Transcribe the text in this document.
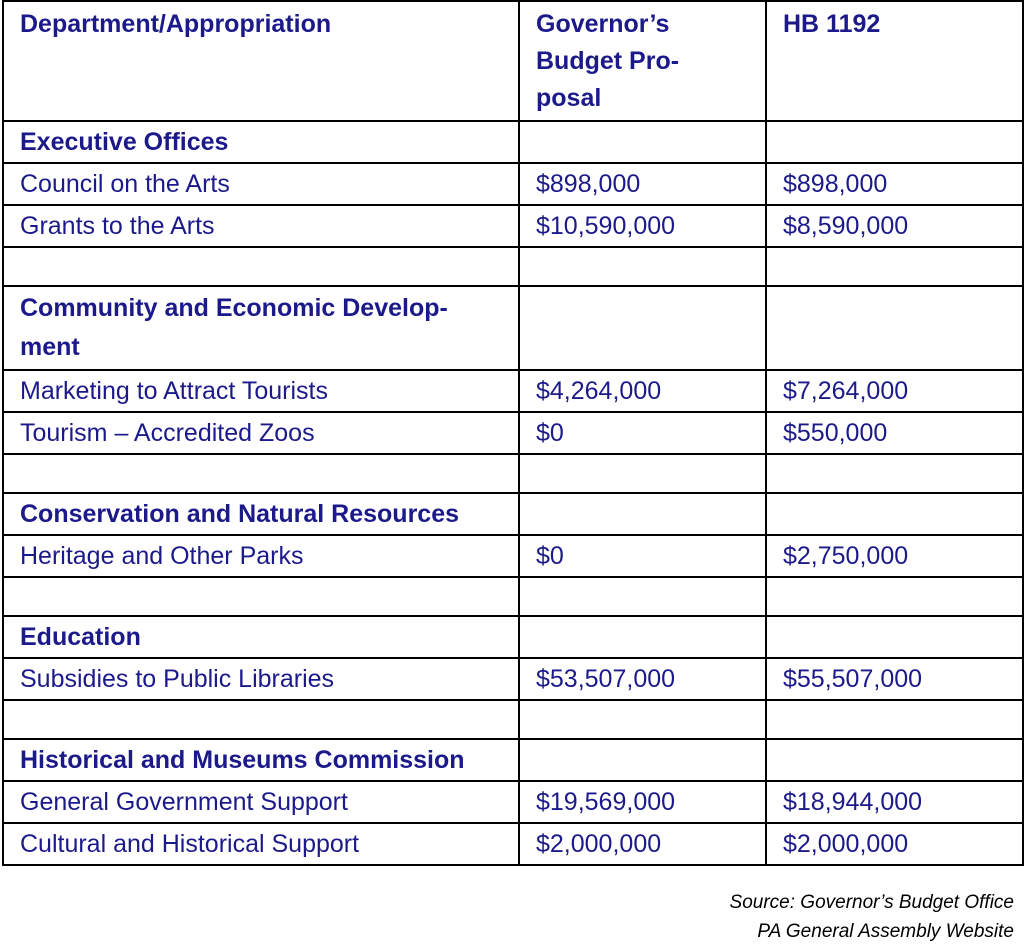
Department/Appropriation	Governor’s Budget Pro-posal	HB 1192
Executive Offices		
Council on the Arts	$898,000	$898,000
Grants to the Arts	$10,590,000	$8,590,000

Community and Economic Develop-ment		
Marketing to Attract Tourists	$4,264,000	$7,264,000
Tourism – Accredited Zoos	$0	$550,000

Conservation and Natural Resources		
Heritage and Other Parks	$0	$2,750,000

Education		
Subsidies to Public Libraries	$53,507,000	$55,507,000

Historical and Museums Commission		
General Government Support	$19,569,000	$18,944,000
Cultural and Historical Support	$2,000,000	$2,000,000
Source: Governor’s Budget Office
PA General Assembly Website
